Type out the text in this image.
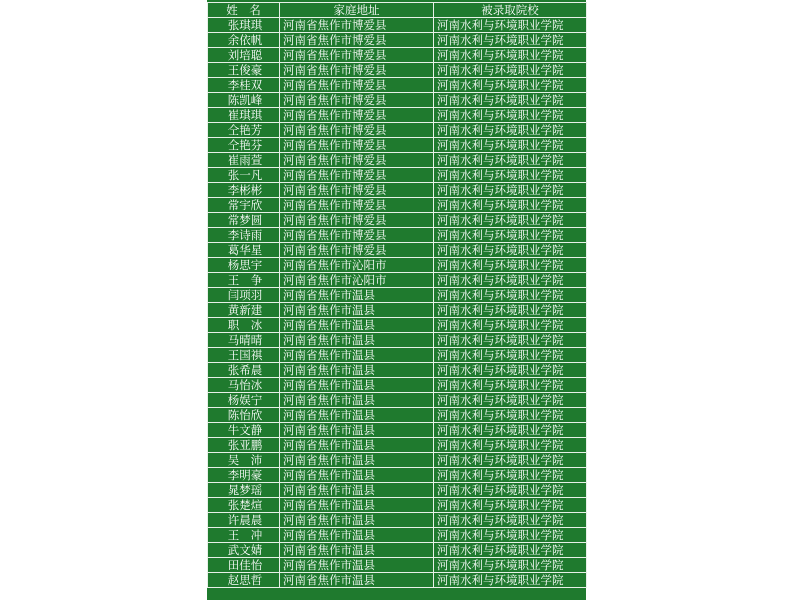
姓　名	家庭地址	被录取院校
张琪琪	河南省焦作市博爱县	河南水利与环境职业学院
余依帆	河南省焦作市博爱县	河南水利与环境职业学院
刘培聪	河南省焦作市博爱县	河南水利与环境职业学院
王俊豪	河南省焦作市博爱县	河南水利与环境职业学院
李桂双	河南省焦作市博爱县	河南水利与环境职业学院
陈凯峰	河南省焦作市博爱县	河南水利与环境职业学院
崔琪琪	河南省焦作市博爱县	河南水利与环境职业学院
仝艳芳	河南省焦作市博爱县	河南水利与环境职业学院
仝艳芬	河南省焦作市博爱县	河南水利与环境职业学院
崔雨萱	河南省焦作市博爱县	河南水利与环境职业学院
张一凡	河南省焦作市博爱县	河南水利与环境职业学院
李彬彬	河南省焦作市博爱县	河南水利与环境职业学院
常宇欣	河南省焦作市博爱县	河南水利与环境职业学院
常梦圆	河南省焦作市博爱县	河南水利与环境职业学院
李诗雨	河南省焦作市博爱县	河南水利与环境职业学院
葛华星	河南省焦作市博爱县	河南水利与环境职业学院
杨思宇	河南省焦作市沁阳市	河南水利与环境职业学院
王　争	河南省焦作市沁阳市	河南水利与环境职业学院
闫项羽	河南省焦作市温县	河南水利与环境职业学院
黄新建	河南省焦作市温县	河南水利与环境职业学院
职　冰	河南省焦作市温县	河南水利与环境职业学院
马晴晴	河南省焦作市温县	河南水利与环境职业学院
王国祺	河南省焦作市温县	河南水利与环境职业学院
张希晨	河南省焦作市温县	河南水利与环境职业学院
马怡冰	河南省焦作市温县	河南水利与环境职业学院
杨娱宁	河南省焦作市温县	河南水利与环境职业学院
陈怡欣	河南省焦作市温县	河南水利与环境职业学院
牛文静	河南省焦作市温县	河南水利与环境职业学院
张亚鹏	河南省焦作市温县	河南水利与环境职业学院
吴　沛	河南省焦作市温县	河南水利与环境职业学院
李明豪	河南省焦作市温县	河南水利与环境职业学院
晁梦瑶	河南省焦作市温县	河南水利与环境职业学院
张楚煊	河南省焦作市温县	河南水利与环境职业学院
许晨晨	河南省焦作市温县	河南水利与环境职业学院
王　冲	河南省焦作市温县	河南水利与环境职业学院
武文婧	河南省焦作市温县	河南水利与环境职业学院
田佳怡	河南省焦作市温县	河南水利与环境职业学院
赵思哲	河南省焦作市温县	河南水利与环境职业学院
